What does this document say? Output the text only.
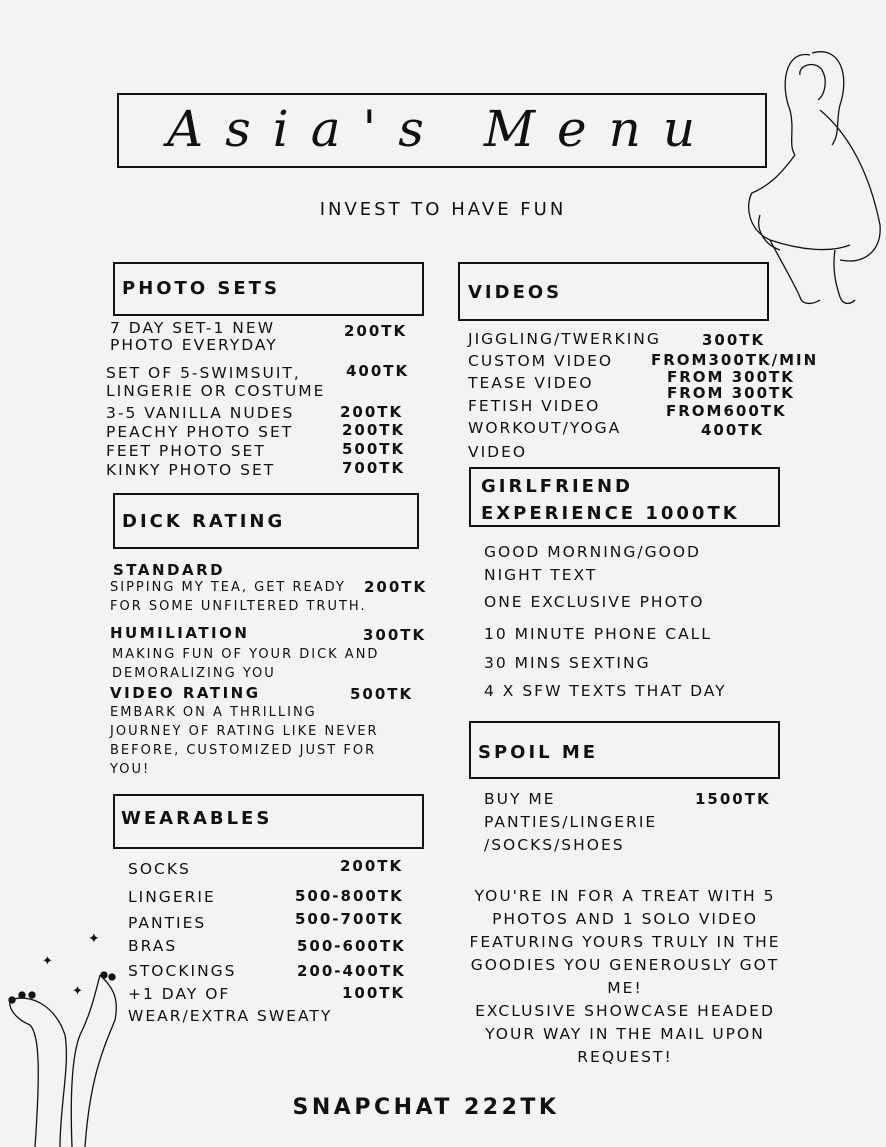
Asia's Menu
INVEST TO HAVE FUN
✦
✦
✦
PHOTO SETS
7 DAY SET-1 NEW
PHOTO EVERYDAY
200TK
SET OF 5-SWIMSUIT,
LINGERIE OR COSTUME
400TK
3-5 VANILLA NUDES	200TK
PEACHY PHOTO SET	200TK
FEET PHOTO SET	500TK
KINKY PHOTO SET	700TK
DICK RATING
STANDARD
SIPPING MY TEA, GET READY 200TK
FOR SOME UNFILTERED TRUTH.
HUMILIATION	300TK
MAKING FUN OF YOUR DICK AND
DEMORALIZING YOU
VIDEO RATING	500TK
EMBARK ON A THRILLING
JOURNEY OF RATING LIKE NEVER
BEFORE, CUSTOMIZED JUST FOR
YOU!
WEARABLES
SOCKS	200TK
LINGERIE	500-800TK
PANTIES	500-700TK
BRAS	500-600TK
STOCKINGS	200-400TK
+1 DAY OF	100TK
WEAR/EXTRA SWEATY
VIDEOS
JIGGLING/TWERKING	300TK
CUSTOM VIDEO	FROM300TK/MIN
TEASE VIDEO	FROM 300TK
FROM 300TK
FETISH VIDEO	FROM600TK
WORKOUT/YOGA	400TK
VIDEO
GIRLFRIEND
EXPERIENCE 1000TK
GOOD MORNING/GOOD
NIGHT TEXT
ONE EXCLUSIVE PHOTO
10 MINUTE PHONE CALL
30 MINS SEXTING
4 X SFW TEXTS THAT DAY
SPOIL ME
BUY ME	1500TK
PANTIES/LINGERIE
/SOCKS/SHOES
YOU'RE IN FOR A TREAT WITH 5
PHOTOS AND 1 SOLO VIDEO
FEATURING YOURS TRULY IN THE
GOODIES YOU GENEROUSLY GOT
ME!
EXCLUSIVE SHOWCASE HEADED
YOUR WAY IN THE MAIL UPON
REQUEST!
SNAPCHAT 222TK
